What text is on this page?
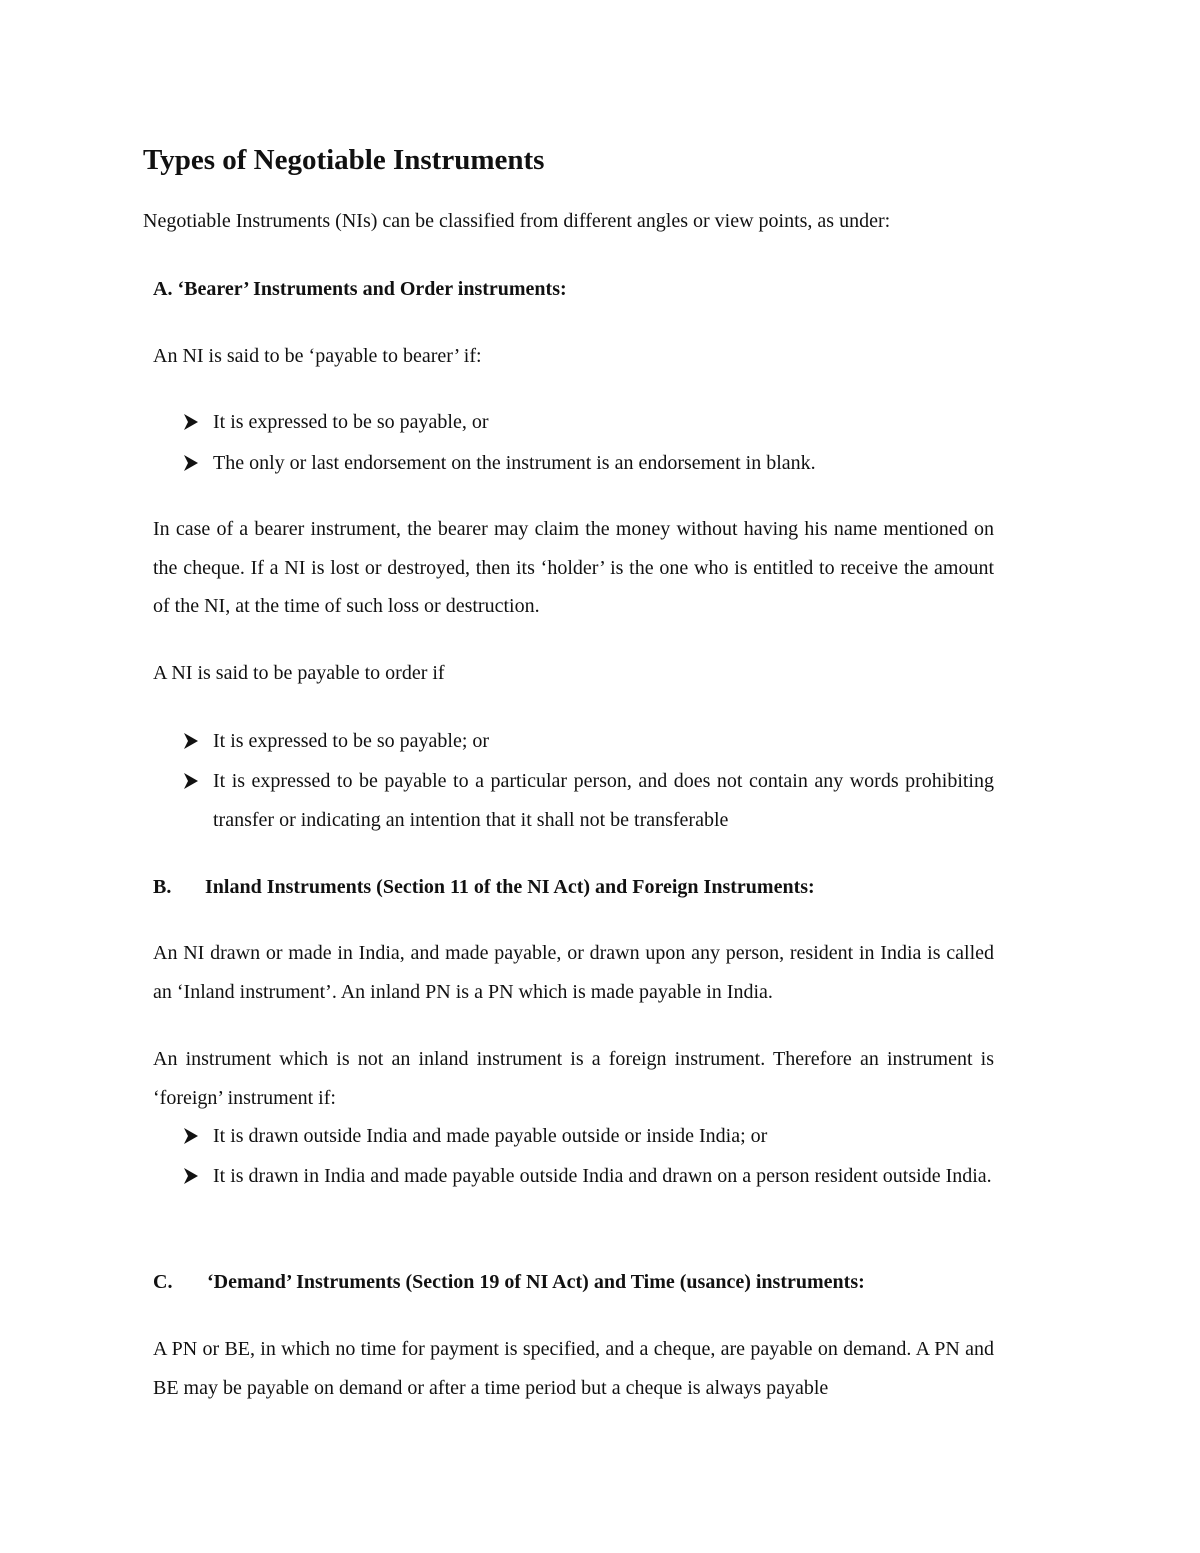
Types of Negotiable Instruments

Negotiable Instruments (NIs) can be classified from different angles or view points, as under:

A. ‘Bearer’ Instruments and Order instruments:

An NI is said to be ‘payable to bearer’ if:

It is expressed to be so payable, or

The only or last endorsement on the instrument is an endorsement in blank.

In case of a bearer instrument, the bearer may claim the money without having his name mentioned on the cheque. If a NI is lost or destroyed, then its ‘holder’ is the one who is entitled to receive the amount of the NI, at the time of such loss or destruction.

A NI is said to be payable to order if

It is expressed to be so payable; or

It is expressed to be payable to a particular person, and does not contain any words prohibiting transfer or indicating an intention that it shall not be transferable

B. Inland Instruments (Section 11 of the NI Act) and Foreign Instruments:

An NI drawn or made in India, and made payable, or drawn upon any person, resident in India is called an ‘Inland instrument’. An inland PN is a PN which is made payable in India.

An instrument which is not an inland instrument is a foreign instrument. Therefore an instrument is ‘foreign’ instrument if:

It is drawn outside India and made payable outside or inside India; or

It is drawn in India and made payable outside India and drawn on a person resident outside India.

C. ‘Demand’ Instruments (Section 19 of NI Act) and Time (usance) instruments:

A PN or BE, in which no time for payment is specified, and a cheque, are payable on demand. A PN and BE may be payable on demand or after a time period but a cheque is always payable
